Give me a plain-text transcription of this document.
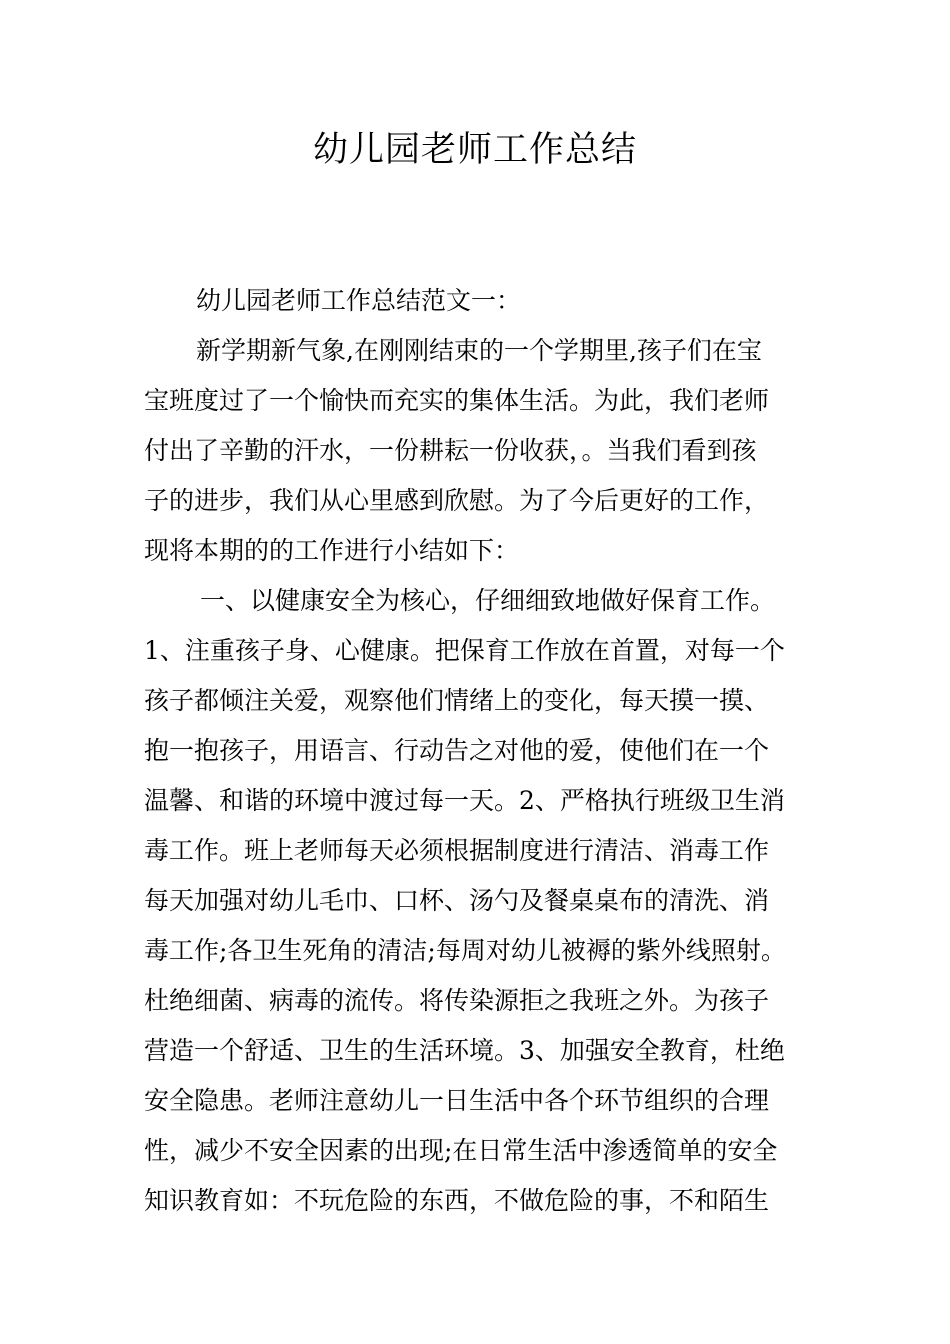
幼儿园老师工作总结
幼儿园老师工作总结范文一：
新学期新气象,在刚刚结束的一个学期里,孩子们在宝
宝班度过了一个愉快而充实的集体生活。为此，我们老师
付出了辛勤的汗水，一份耕耘一份收获，。当我们看到孩
子的进步，我们从心里感到欣慰。为了今后更好的工作，
现将本期的的工作进行小结如下：
一、以健康安全为核心，仔细细致地做好保育工作。
1、注重孩子身、心健康。把保育工作放在首置，对每一个
孩子都倾注关爱，观察他们情绪上的变化，每天摸一摸、
抱一抱孩子，用语言、行动告之对他的爱，使他们在一个
温馨、和谐的环境中渡过每一天。2、严格执行班级卫生消
毒工作。班上老师每天必须根据制度进行清洁、消毒工作
每天加强对幼儿毛巾、口杯、汤勺及餐桌桌布的清洗、消
毒工作;各卫生死角的清洁;每周对幼儿被褥的紫外线照射。
杜绝细菌、病毒的流传。将传染源拒之我班之外。为孩子
营造一个舒适、卫生的生活环境。3、加强安全教育，杜绝
安全隐患。老师注意幼儿一日生活中各个环节组织的合理
性，减少不安全因素的出现;在日常生活中渗透简单的安全
知识教育如：不玩危险的东西，不做危险的事，不和陌生
